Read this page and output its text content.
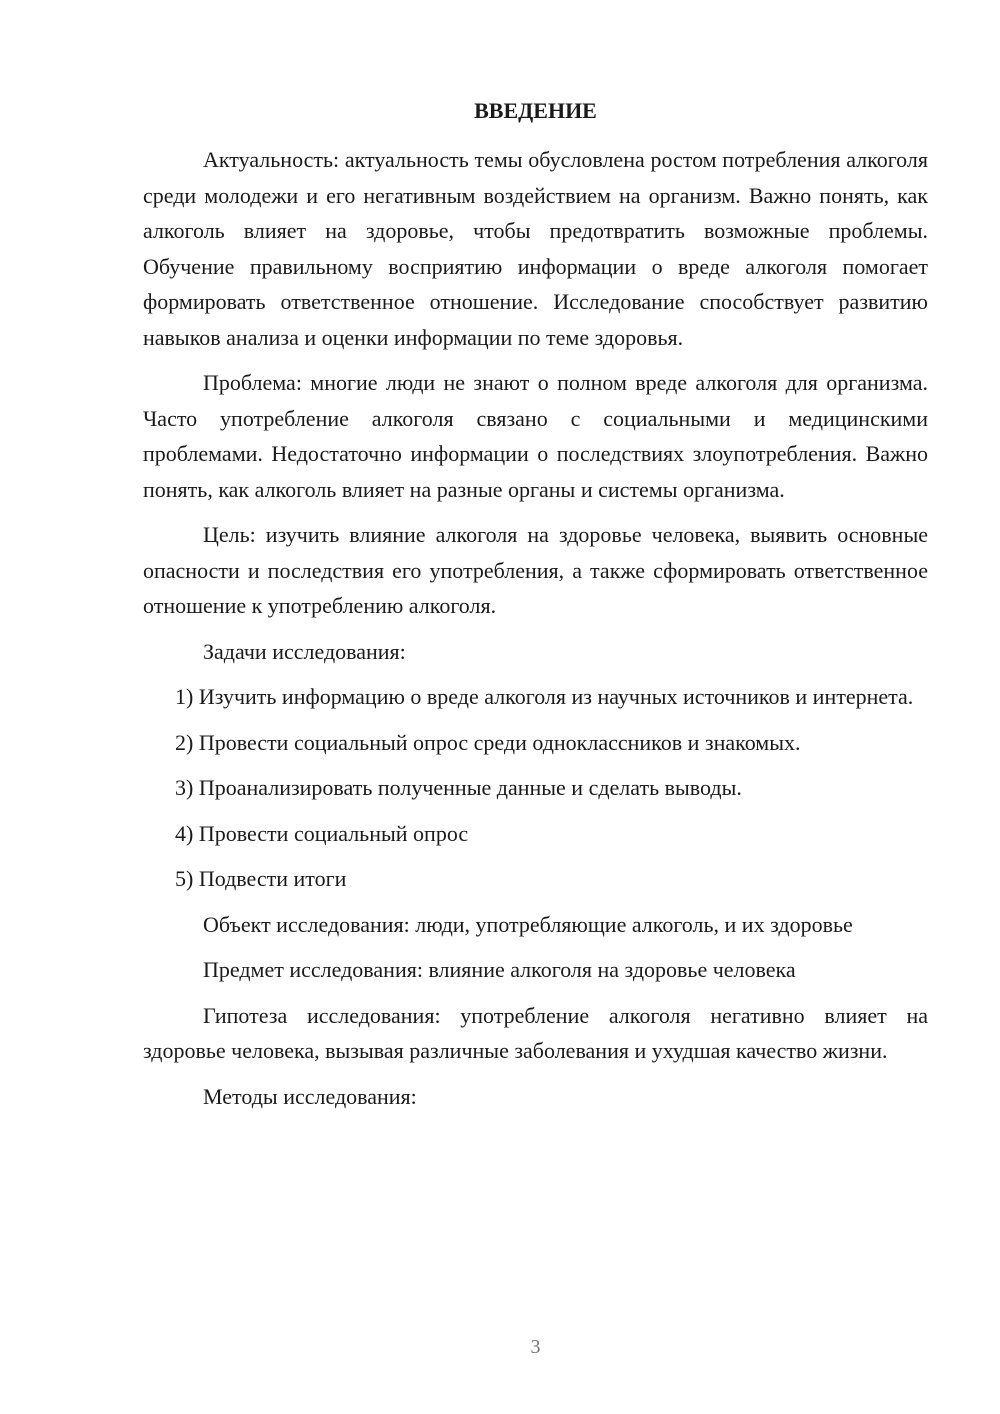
ВВЕДЕНИЕ

Актуальность: актуальность темы обусловлена ростом потребления алкоголя среди молодежи и его негативным воздействием на организм. Важно понять, как алкоголь влияет на здоровье, чтобы предотвратить возможные проблемы. Обучение правильному восприятию информации о вреде алкоголя помогает формировать ответственное отношение. Исследование способствует развитию навыков анализа и оценки информации по теме здоровья.

Проблема: многие люди не знают о полном вреде алкоголя для организма. Часто употребление алкоголя связано с социальными и медицинскими проблемами. Недостаточно информации о последствиях злоупотребления. Важно понять, как алкоголь влияет на разные органы и системы организма.

Цель: изучить влияние алкоголя на здоровье человека, выявить основные опасности и последствия его употребления, а также сформировать ответственное отношение к употреблению алкоголя.

Задачи исследования:

1) Изучить информацию о вреде алкоголя из научных источников и интернета.

2) Провести социальный опрос среди одноклассников и знакомых.

3) Проанализировать полученные данные и сделать выводы.

4) Провести социальный опрос

5) Подвести итоги

Объект исследования: люди, употребляющие алкоголь, и их здоровье

Предмет исследования: влияние алкоголя на здоровье человека

Гипотеза исследования: употребление алкоголя негативно влияет на здоровье человека, вызывая различные заболевания и ухудшая качество жизни.

Методы исследования:

3
